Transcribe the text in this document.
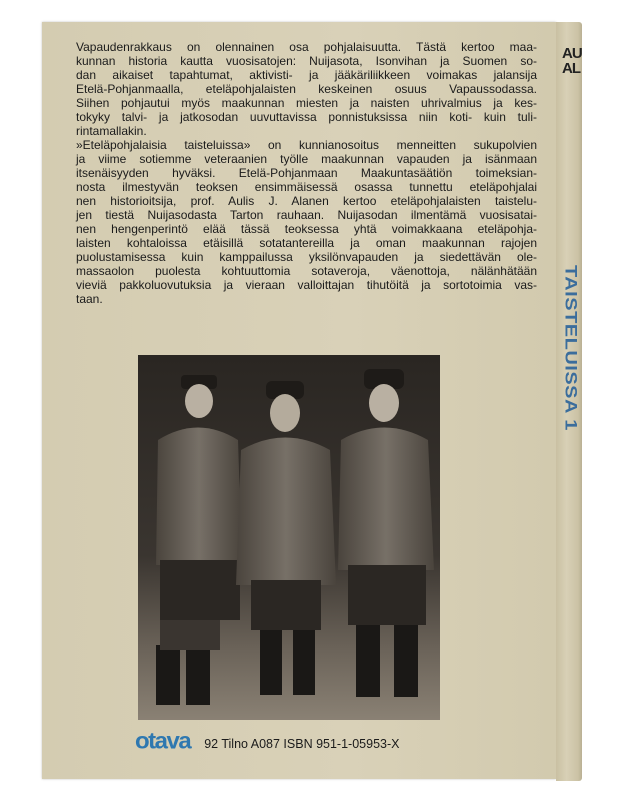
AU
AL
TAISTELUISSA 1
Vapaudenrakkaus on olennainen osa pohjalaisuutta. Tästä kertoo maa-
kunnan historia kautta vuosisatojen: Nuijasota, Isonvihan ja Suomen so-
dan aikaiset tapahtumat, aktivisti- ja jääkäriliikkeen voimakas jalansija
Etelä-Pohjanmaalla, eteläpohjalaisten keskeinen osuus Vapaussodassa.
Siihen pohjautui myös maakunnan miesten ja naisten uhrivalmius ja kes-
tokyky talvi- ja jatkosodan uuvuttavissa ponnistuksissa niin koti- kuin tuli-
rintamallakin.
»Eteläpohjalaisia taisteluissa» on kunnianosoitus menneitten sukupolvien
ja viime sotiemme veteraanien työlle maakunnan vapauden ja isänmaan
itsenäisyyden hyväksi. Etelä-Pohjanmaan Maakuntasäätiön toimeksian-
nosta ilmestyvän teoksen ensimmäisessä osassa tunnettu eteläpohjalai
nen historioitsija, prof. Aulis J. Alanen kertoo eteläpohjalaisten taistelu-
jen tiestä Nuijasodasta Tarton rauhaan. Nuijasodan ilmentämä vuosisatai-
nen hengenperintö elää tässä teoksessa yhtä voimakkaana eteläpohja-
laisten kohtaloissa etäisillä sotatantereilla ja oman maakunnan rajojen
puolustamisessa kuin kamppailussa yksilönvapauden ja siedettävän ole-
massaolon puolesta kohtuuttomia sotaveroja, väenottoja, nälänhätään
vieviä pakkoluovutuksia ja vieraan valloittajan tihutöitä ja sortotoimia vas-
taan.
otava 92 Tilno A087 ISBN 951-1-05953-X
